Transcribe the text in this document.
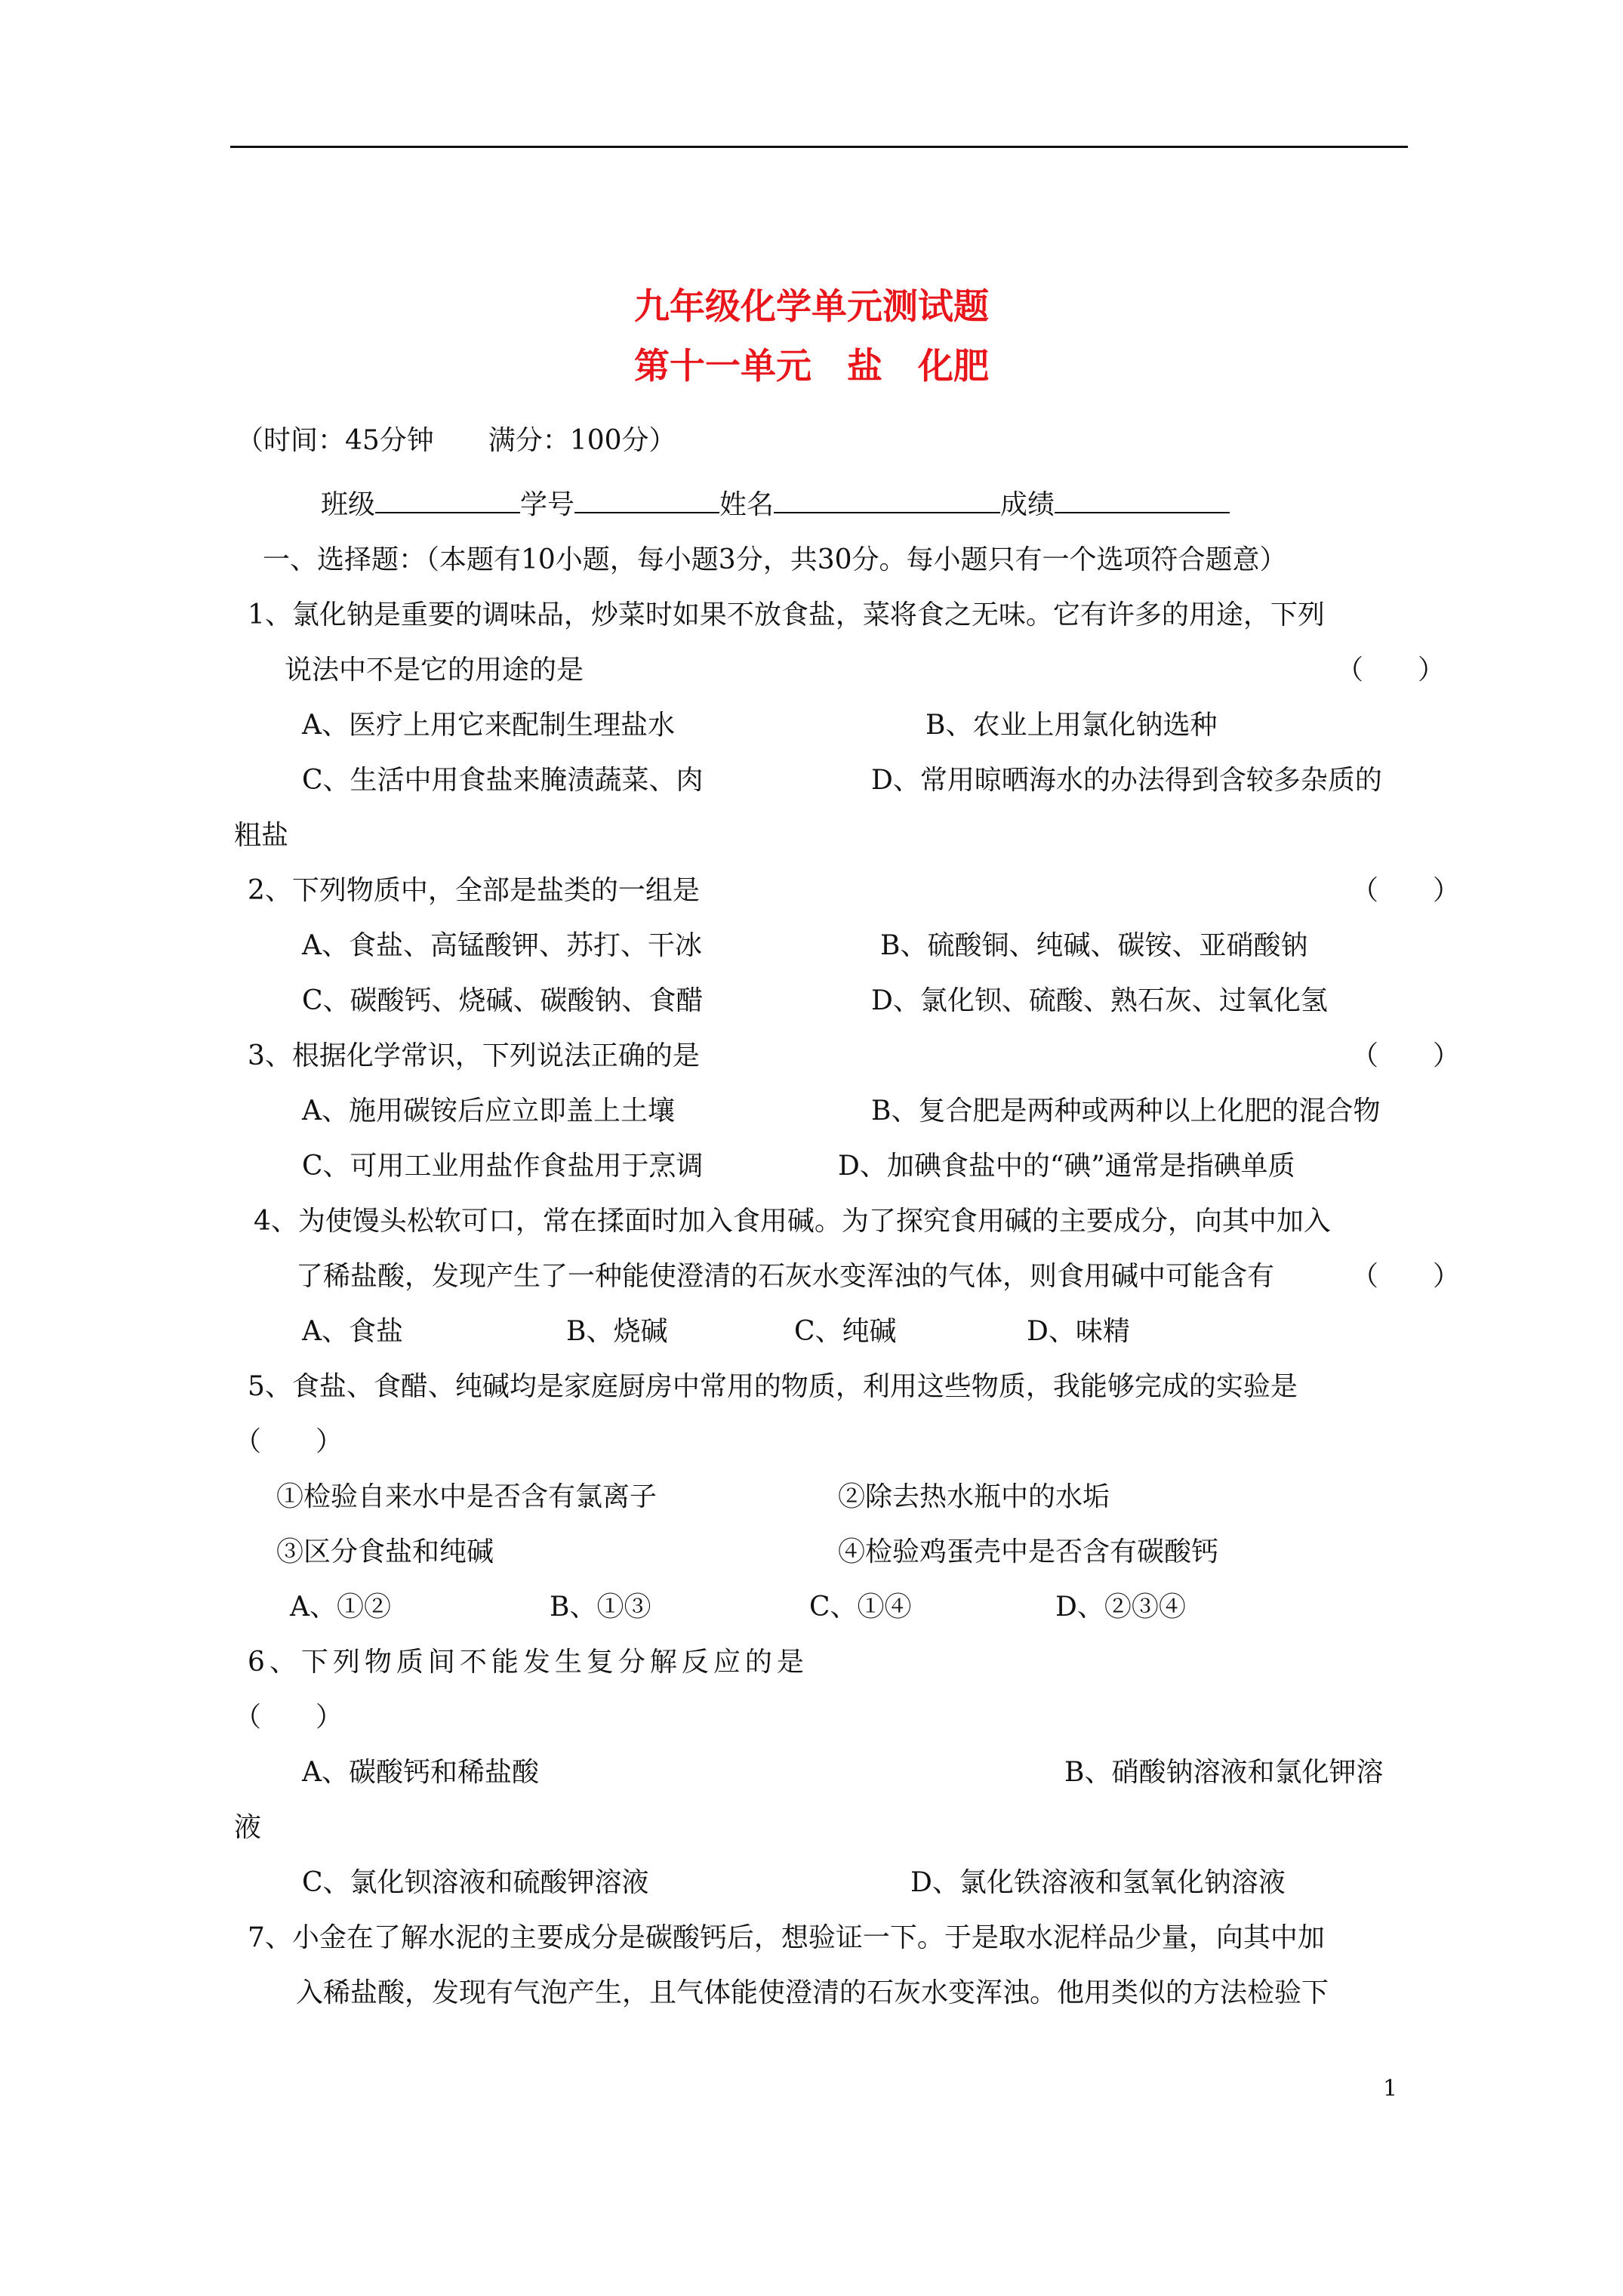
九年级化学单元测试题
第十一单元　盐　化肥
（时间：45分钟　　满分：100分）
班级	学号	姓名	成绩
一、选择题：（本题有10小题，每小题3分，共30分。每小题只有一个选项符合题意）
1、氯化钠是重要的调味品，炒菜时如果不放食盐，菜将食之无味。它有许多的用途，下列
说法中不是它的用途的是	（　　）
A、医疗上用它来配制生理盐水	B、农业上用氯化钠选种
C、生活中用食盐来腌渍蔬菜、肉	D、常用晾晒海水的办法得到含较多杂质的
粗盐
2、下列物质中，全部是盐类的一组是	（　　）
A、食盐、高锰酸钾、苏打、干冰	B、硫酸铜、纯碱、碳铵、亚硝酸钠
C、碳酸钙、烧碱、碳酸钠、食醋	D、氯化钡、硫酸、熟石灰、过氧化氢
3、根据化学常识，下列说法正确的是	（　　）
A、施用碳铵后应立即盖上土壤	B、复合肥是两种或两种以上化肥的混合物
C、可用工业用盐作食盐用于烹调	D、加碘食盐中的“碘”通常是指碘单质
4、为使馒头松软可口，常在揉面时加入食用碱。为了探究食用碱的主要成分，向其中加入
了稀盐酸，发现产生了一种能使澄清的石灰水变浑浊的气体，则食用碱中可能含有	（　　）
A、食盐	B、烧碱	C、纯碱	D、味精
5、食盐、食醋、纯碱均是家庭厨房中常用的物质，利用这些物质，我能够完成的实验是
（　　）
①检验自来水中是否含有氯离子	②除去热水瓶中的水垢
③区分食盐和纯碱	④检验鸡蛋壳中是否含有碳酸钙
A、①②	B、①③	C、①④	D、②③④
6、下列物质间不能发生复分解反应的是
（　　）
A、碳酸钙和稀盐酸	B、硝酸钠溶液和氯化钾溶
液
C、氯化钡溶液和硫酸钾溶液	D、氯化铁溶液和氢氧化钠溶液
7、小金在了解水泥的主要成分是碳酸钙后，想验证一下。于是取水泥样品少量，向其中加
入稀盐酸，发现有气泡产生，且气体能使澄清的石灰水变浑浊。他用类似的方法检验下
1
